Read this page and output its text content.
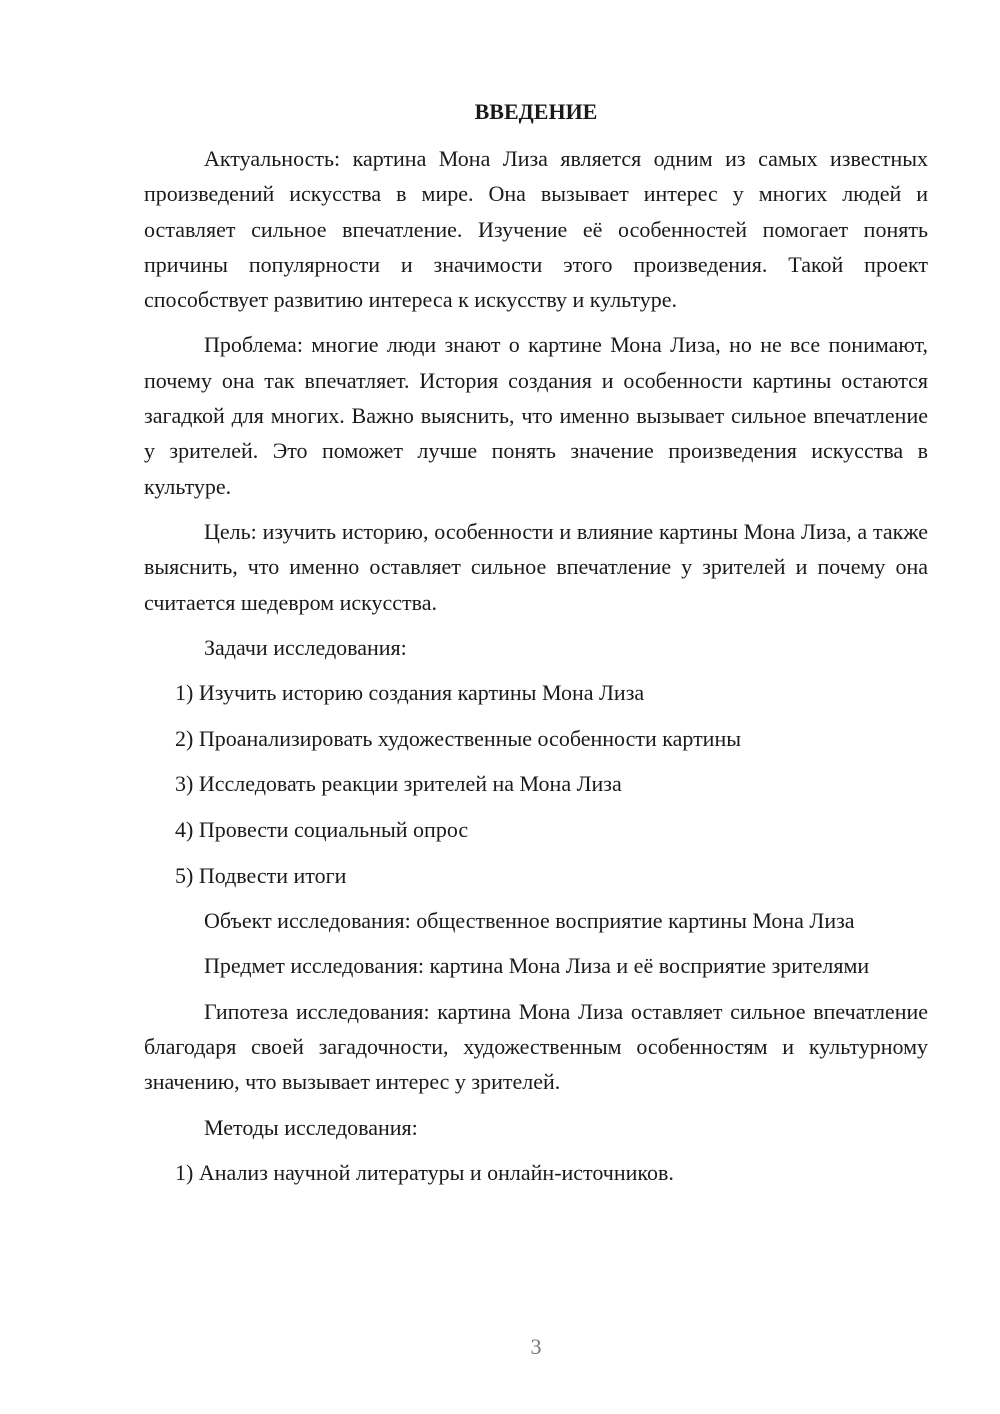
ВВЕДЕНИЕ

Актуальность: картина Мона Лиза является одним из самых известных произведений искусства в мире. Она вызывает интерес у многих людей и оставляет сильное впечатление. Изучение её особенностей помогает понять причины популярности и значимости этого произведения. Такой проект способствует развитию интереса к искусству и культуре.

Проблема: многие люди знают о картине Мона Лиза, но не все понимают, почему она так впечатляет. История создания и особенности картины остаются загадкой для многих. Важно выяснить, что именно вызывает сильное впечатление у зрителей. Это поможет лучше понять значение произведения искусства в культуре.

Цель: изучить историю, особенности и влияние картины Мона Лиза, а также выяснить, что именно оставляет сильное впечатление у зрителей и почему она считается шедевром искусства.

Задачи исследования:

1) Изучить историю создания картины Мона Лиза
2) Проанализировать художественные особенности картины
3) Исследовать реакции зрителей на Мона Лиза
4) Провести социальный опрос
5) Подвести итоги

Объект исследования: общественное восприятие картины Мона Лиза

Предмет исследования: картина Мона Лиза и её восприятие зрителями

Гипотеза исследования: картина Мона Лиза оставляет сильное впечатление благодаря своей загадочности, художественным особенностям и культурному значению, что вызывает интерес у зрителей.

Методы исследования:

1) Анализ научной литературы и онлайн-источников.
3
